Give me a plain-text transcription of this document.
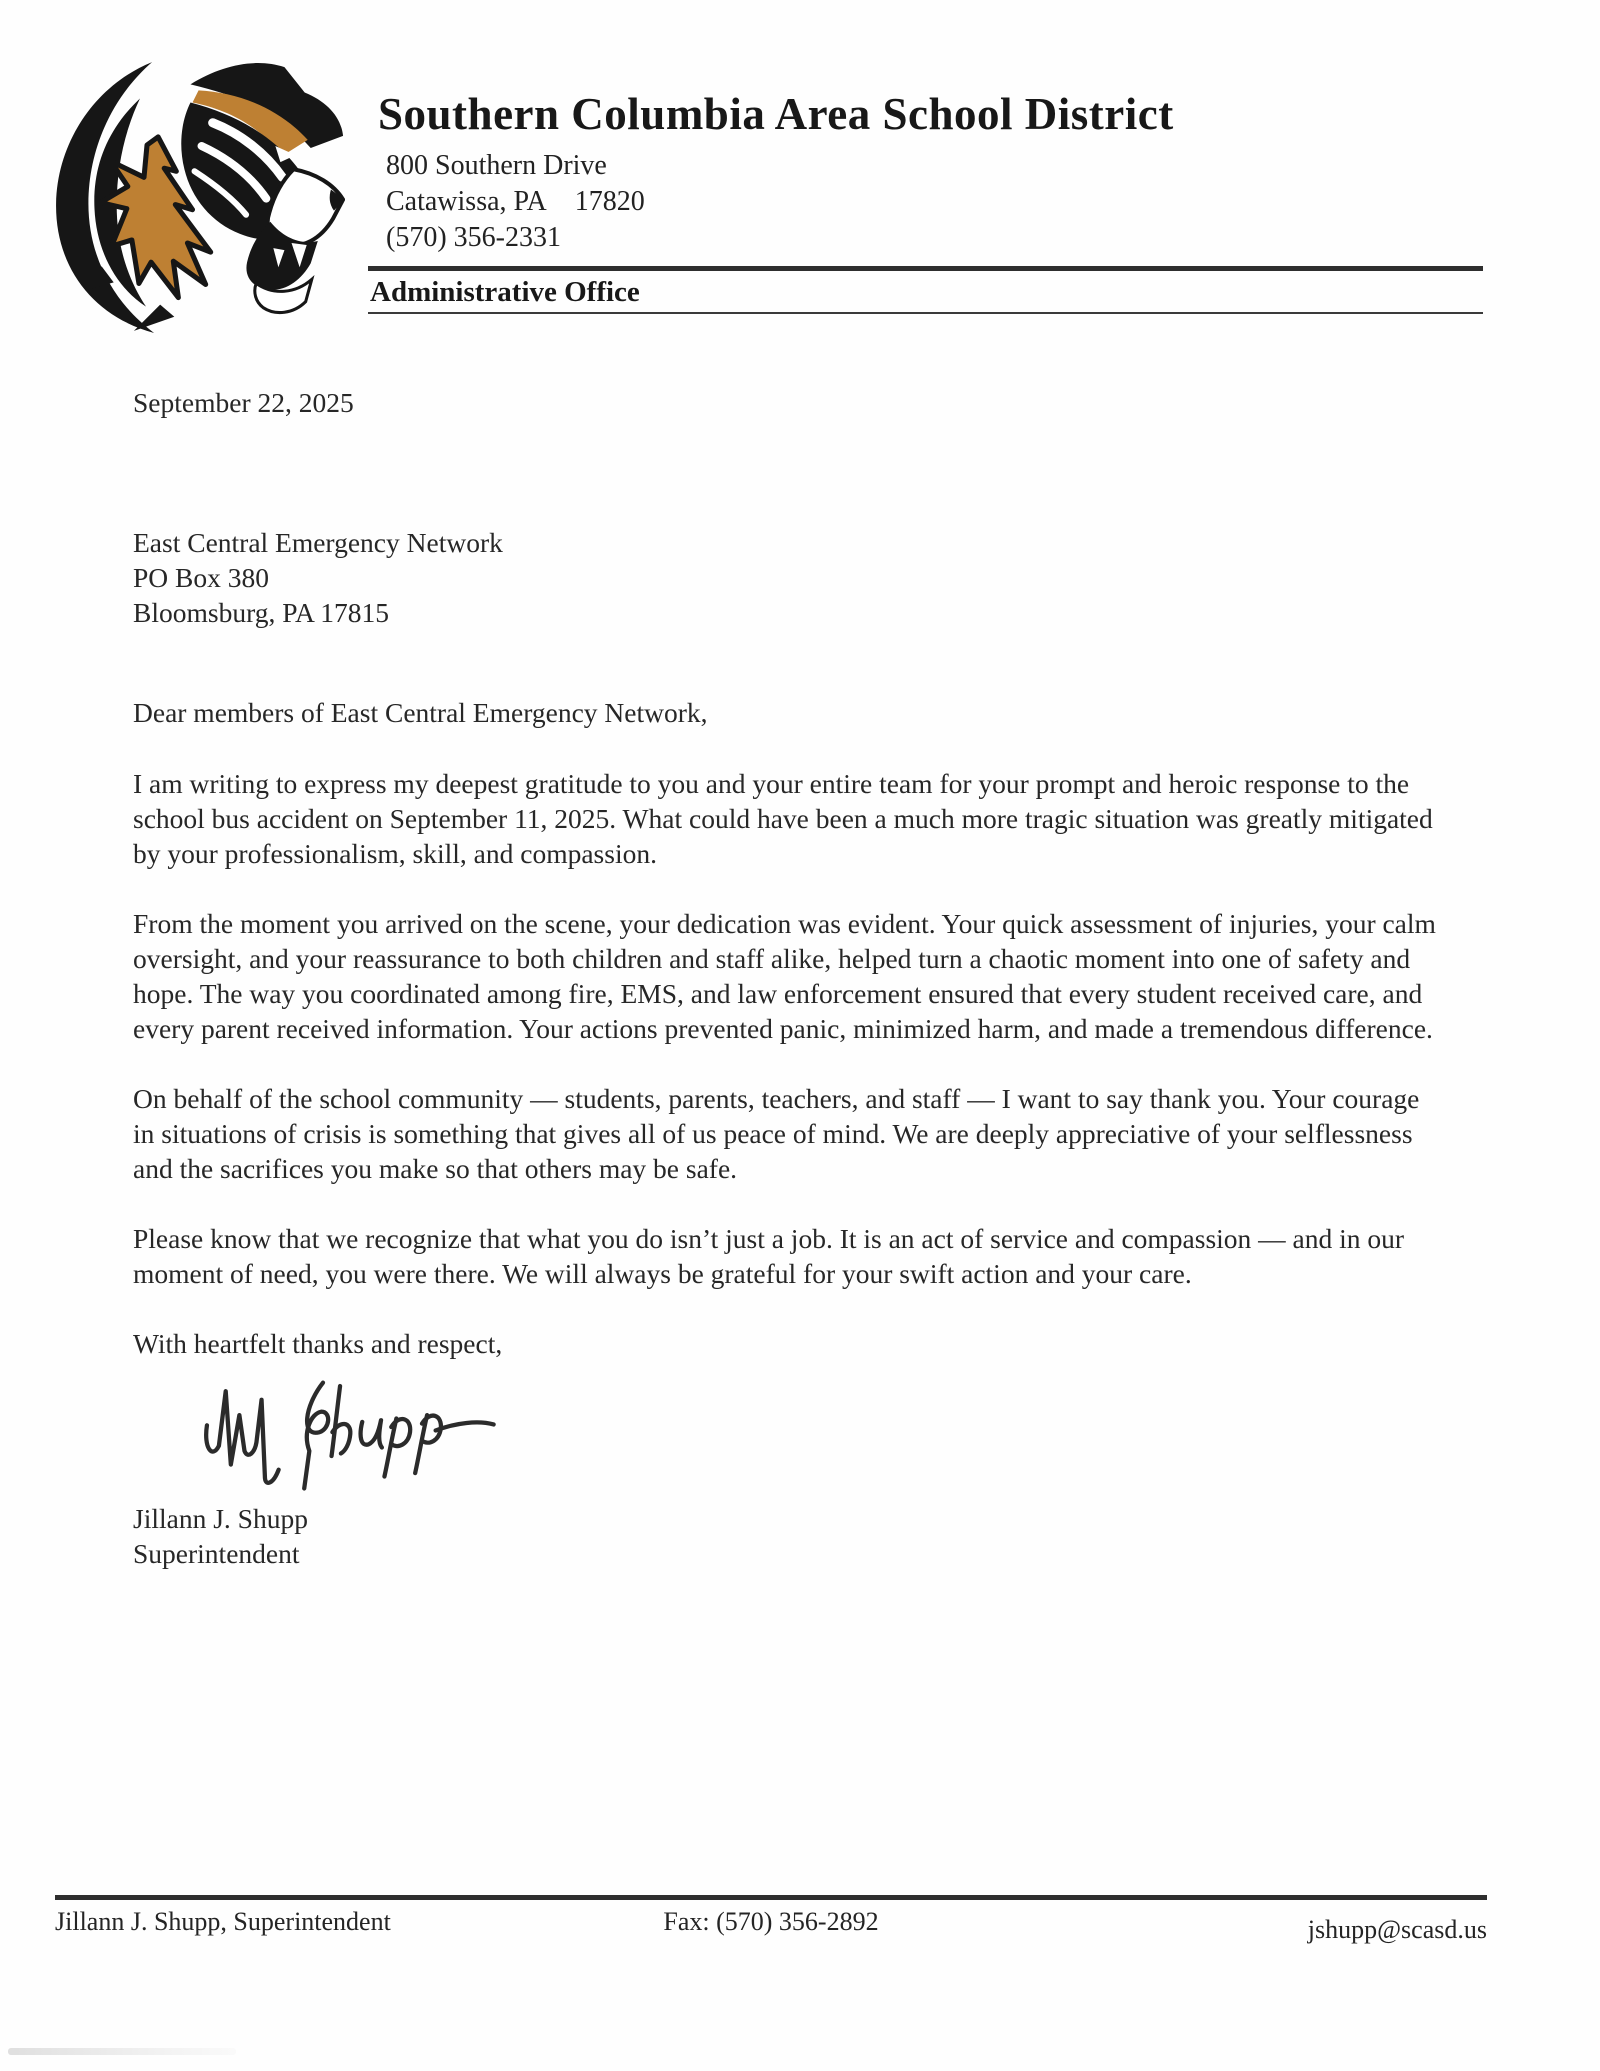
Southern Columbia Area School District
800 Southern Drive
Catawissa, PA    17820
(570) 356-2331
Administrative Office
September 22, 2025
East Central Emergency Network
PO Box 380
Bloomsburg, PA 17815
Dear members of East Central Emergency Network,

I am writing to express my deepest gratitude to you and your entire team for your prompt and heroic response to the school bus accident on September 11, 2025. What could have been a much more tragic situation was greatly mitigated by your professionalism, skill, and compassion.

From the moment you arrived on the scene, your dedication was evident. Your quick assessment of injuries, your calm oversight, and your reassurance to both children and staff alike, helped turn a chaotic moment into one of safety and hope. The way you coordinated among fire, EMS, and law enforcement ensured that every student received care, and every parent received information. Your actions prevented panic, minimized harm, and made a tremendous difference.

On behalf of the school community — students, parents, teachers, and staff — I want to say thank you. Your courage in situations of crisis is something that gives all of us peace of mind. We are deeply appreciative of your selflessness and the sacrifices you make so that others may be safe.

Please know that we recognize that what you do isn’t just a job. It is an act of service and compassion — and in our moment of need, you were there. We will always be grateful for your swift action and your care.

With heartfelt thanks and respect,
Jillann J. Shupp
Superintendent
Jillann J. Shupp, Superintendent	Fax: (570) 356-2892	jshupp@scasd.us
